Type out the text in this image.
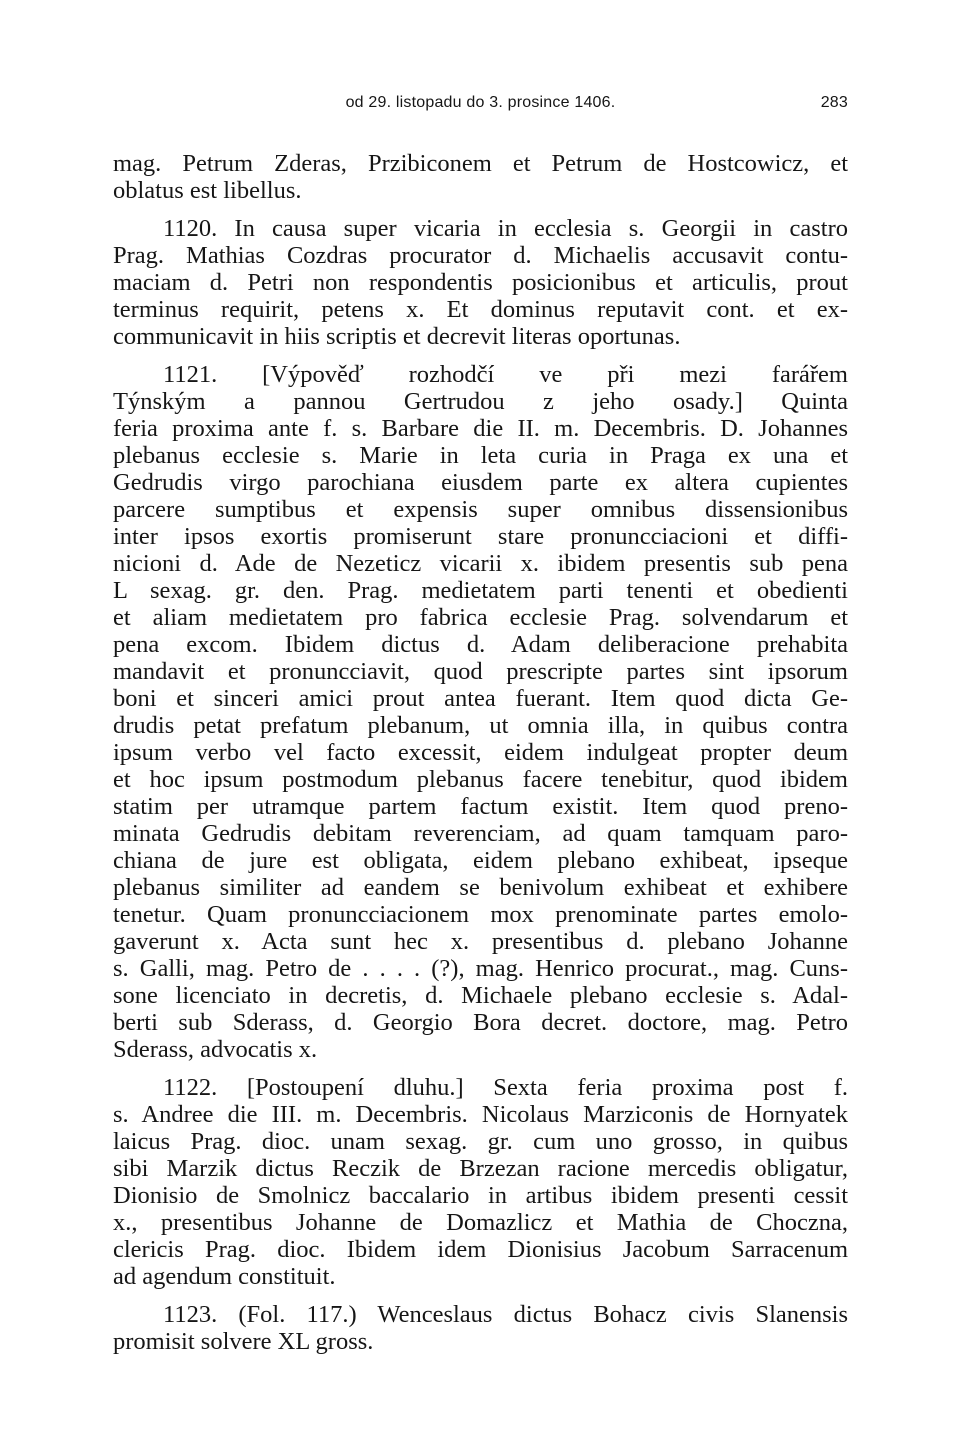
od 29. listopadu do 3. prosince 1406.	283
mag. Petrum Zderas, Przibiconem et Petrum de Hostcowicz, et
oblatus est libellus.
1120. In causa super vicaria in ecclesia s. Georgii in castro
Prag. Mathias Cozdras procurator d. Michaelis accusavit contu-
maciam d. Petri non respondentis posicionibus et articulis, prout
terminus requirit, petens x. Et dominus reputavit cont. et ex-
communicavit in hiis scriptis et decrevit literas oportunas.
1121. [Výpověď rozhodčí ve při mezi farářem
Týnským a pannou Gertrudou z jeho osady.] Quinta
feria proxima ante f. s. Barbare die II. m. Decembris. D. Johannes
plebanus ecclesie s. Marie in leta curia in Praga ex una et
Gedrudis virgo parochiana eiusdem parte ex altera cupientes
parcere sumptibus et expensis super omnibus dissensionibus
inter ipsos exortis promiserunt stare pronuncciacioni et diffi-
nicioni d. Ade de Nezeticz vicarii x. ibidem presentis sub pena
L sexag. gr. den. Prag. medietatem parti tenenti et obedienti
et aliam medietatem pro fabrica ecclesie Prag. solvendarum et
pena excom. Ibidem dictus d. Adam deliberacione prehabita
mandavit et pronuncciavit, quod prescripte partes sint ipsorum
boni et sinceri amici prout antea fuerant. Item quod dicta Ge-
drudis petat prefatum plebanum, ut omnia illa, in quibus contra
ipsum verbo vel facto excessit, eidem indulgeat propter deum
et hoc ipsum postmodum plebanus facere tenebitur, quod ibidem
statim per utramque partem factum existit. Item quod preno-
minata Gedrudis debitam reverenciam, ad quam tamquam paro-
chiana de jure est obligata, eidem plebano exhibeat, ipseque
plebanus similiter ad eandem se benivolum exhibeat et exhibere
tenetur. Quam pronuncciacionem mox prenominate partes emolo-
gaverunt x. Acta sunt hec x. presentibus d. plebano Johanne
s. Galli, mag. Petro de . . . . (?), mag. Henrico procurat., mag. Cuns-
sone licenciato in decretis, d. Michaele plebano ecclesie s. Adal-
berti sub Sderass, d. Georgio Bora decret. doctore, mag. Petro
Sderass, advocatis x.
1122. [Postoupení dluhu.] Sexta feria proxima post f.
s. Andree die III. m. Decembris. Nicolaus Marziconis de Hornyatek
laicus Prag. dioc. unam sexag. gr. cum uno grosso, in quibus
sibi Marzik dictus Reczik de Brzezan racione mercedis obligatur,
Dionisio de Smolnicz baccalario in artibus ibidem presenti cessit
x., presentibus Johanne de Domazlicz et Mathia de Choczna,
clericis Prag. dioc. Ibidem idem Dionisius Jacobum Sarracenum
ad agendum constituit.
1123. (Fol. 117.) Wenceslaus dictus Bohacz civis Slanensis
promisit solvere XL gross.
